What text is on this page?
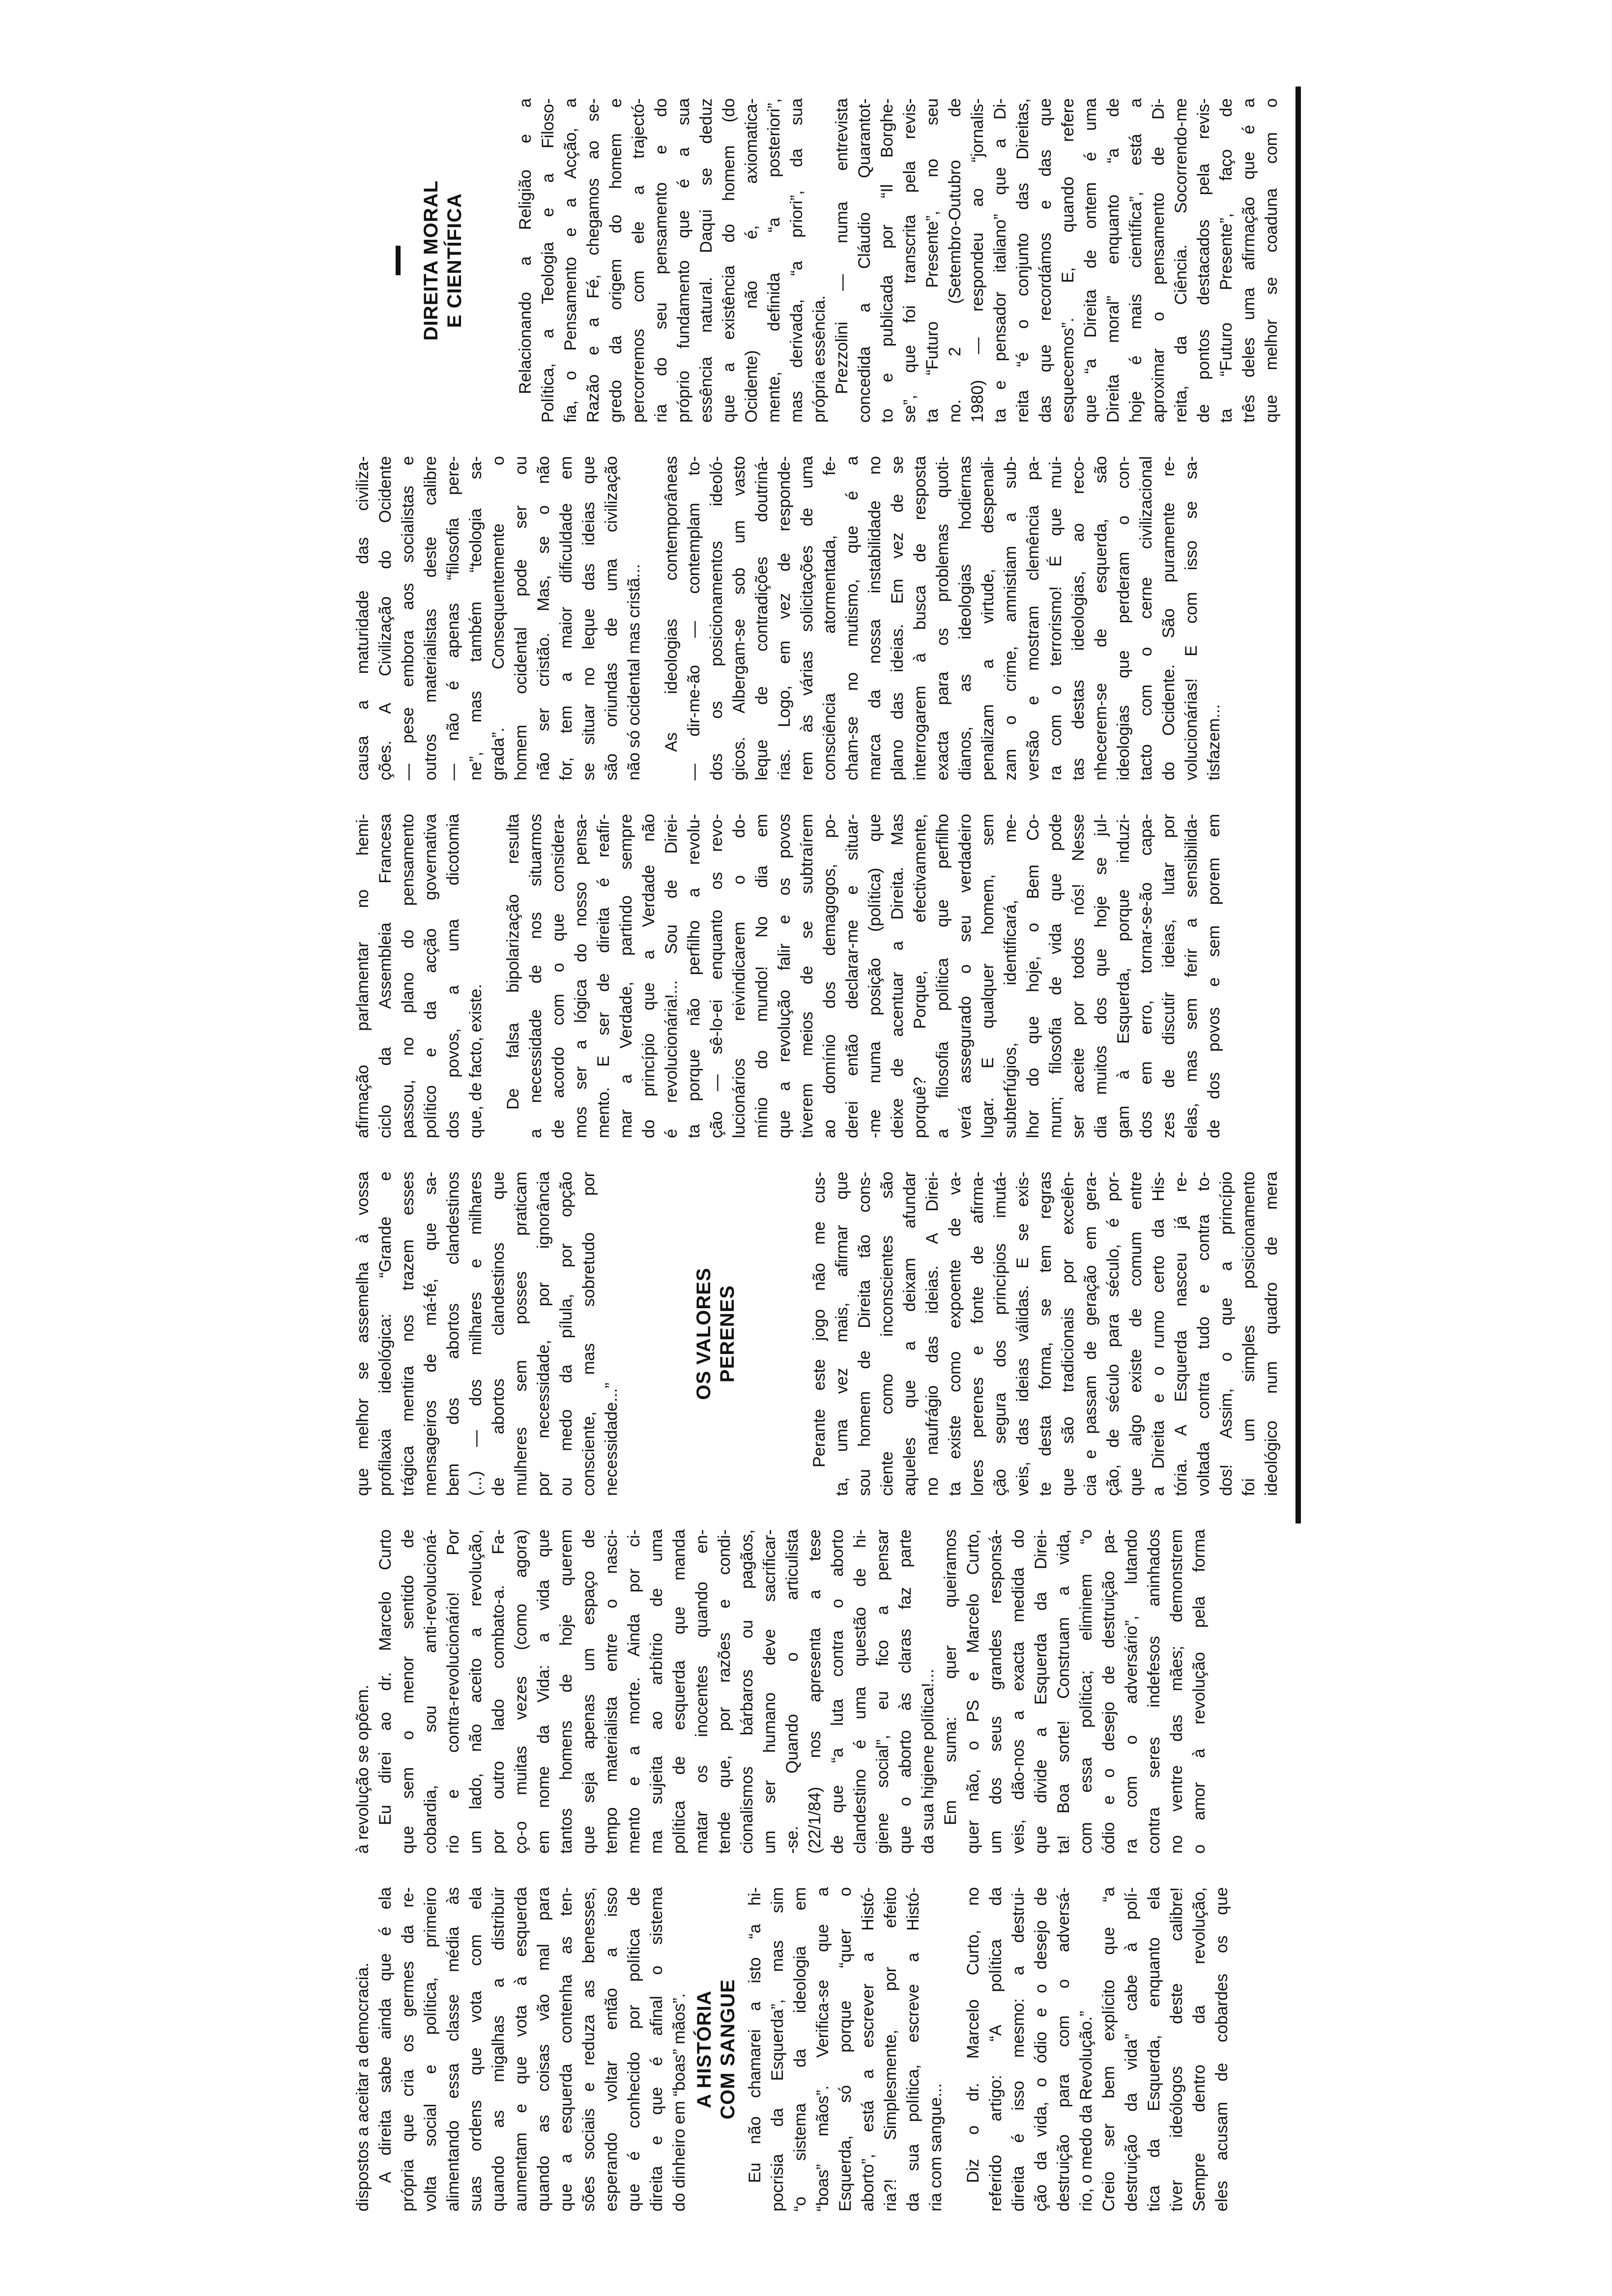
dispostos a aceitar a democracia. A direita sabe ainda que é ela própria que cria os germes da re- volta social e política, primeiro alimentando essa classe média às suas ordens que vota com ela quando as migalhas a distribuir aumentam e que vota à esquerda quando as coisas vão mal para que a esquerda contenha as ten- sões sociais e reduza as benesses, esperando voltar então a isso que é conhecido por política de direita e que é afinal o sistema do dinheiro em “boas” mãos”. A HISTÓRIA COM SANGUE Eu não chamarei a isto “a hi- pocrisia da Esquerda”, mas sim “o sistema da ideologia em “boas” mãos”. Verifica-se que a Esquerda, só porque “quer o aborto”, está a escrever a Histó- ria?! Simplesmente, por efeito da sua política, escreve a Histó- ria com sangue... Diz o dr. Marcelo Curto, no referido artigo: “A política da direita é isso mesmo: a destrui- ção da vida, o ódio e o desejo de destruição para com o adversá- rio, o medo da Revolução.” Creio ser bem explícito que “a destruição da vida” cabe à polí- tica da Esquerda, enquanto ela tiver ideólogos deste calibre! Sempre dentro da revolução, eles acusam de cobardes os que
à revolução se opõem. Eu direi ao dr. Marcelo Curto que sem o menor sentido de cobardia, sou anti-revolucioná- rio e contra-revolucionário! Por um lado, não aceito a revolução, por outro lado combato-a. Fa- ço-o muitas vezes (como agora) em nome da Vida: a vida que tantos homens de hoje querem que seja apenas um espaço de tempo materialista entre o nasci- mento e a morte. Ainda por ci- ma sujeita ao arbítrio de uma política de esquerda que manda matar os inocentes quando en- tende que, por razões e condi- cionalismos bárbaros ou pagãos, um ser humano deve sacrificar- -se. Quando o articulista (22/1/84) nos apresenta a tese de que “a luta contra o aborto clandestino é uma questão de hi- giene social”, eu fico a pensar que o aborto às claras faz parte da sua higiene política!... Em suma: quer queiramos quer não, o PS e Marcelo Curto, um dos seus grandes responsá- veis, dão-nos a exacta medida do que divide a Esquerda da Direi- ta! Boa sorte! Construam a vida, com essa política; eliminem “o ódio e o desejo de destruição pa- ra com o adversário”, lutando contra seres indefesos aninhados no ventre das mães; demonstrem o amor à revolução pela forma
que melhor se assemelha à vossa profilaxia ideológica: “Grande e trágica mentira nos trazem esses mensageiros de má-fé, que sa- bem dos abortos clandestinos (...) — dos milhares e milhares de abortos clandestinos que mulheres sem posses praticam por necessidade, por ignorância ou medo da pílula, por opção consciente, mas sobretudo por necessidade...”
OS VALORES PERENES	Perante este jogo não me cus- ta, uma vez mais, afirmar que sou homem de Direita tão cons- ciente como inconscientes são aqueles que a deixam afundar no naufrágio das ideias. A Direi- ta existe como expoente de va- lores perenes e fonte de afirma- ção segura dos princípios imutá- veis, das ideias válidas. E se exis- te desta forma, se tem regras que são tradicionais por excelên- cia e passam de geração em gera- ção, de século para século, é por- que algo existe de comum entre a Direita e o rumo certo da His- tória. A Esquerda nasceu já re- voltada contra tudo e contra to- dos! Assim, o que a princípio foi um simples posicionamento ideológico num quadro de mera
afirmação parlamentar no hemi- ciclo da Assembleia Francesa passou, no plano do pensamento político e da acção governativa dos povos, a uma dicotomia que, de facto, existe. De falsa bipolarização resulta a necessidade de nos situarmos de acordo com o que considera- mos ser a lógica do nosso pensa- mento. E ser de direita é reafir- mar a Verdade, partindo sempre do princípio que a Verdade não é revolucionária!... Sou de Direi- ta porque não perfilho a revolu- ção — sê-lo-ei enquanto os revo- lucionários reivindicarem o do- mínio do mundo! No dia em que a revolução falir e os povos tiverem meios de se subtraírem ao domínio dos demagogos, po- derei então declarar-me e situar- -me numa posição (política) que deixe de acentuar a Direita. Mas porquê? Porque, efectivamente, a filosofia política que perfilho verá assegurado o seu verdadeiro lugar. E qualquer homem, sem subterfúgios, identificará, me- lhor do que hoje, o Bem Co- mum; filosofia de vida que pode ser aceite por todos nós! Nesse dia muitos dos que hoje se jul- gam à Esquerda, porque induzi- dos em erro, tornar-se-ão capa- zes de discutir ideias, lutar por elas, mas sem ferir a sensibilida- de dos povos e sem porem em
causa a maturidade das civiliza- ções. A Civilização do Ocidente — pese embora aos socialistas e outros materialistas deste calibre — não é apenas “filosofia pere- ne”, mas também “teologia sa- grada”. Consequentemente o homem ocidental pode ser ou não ser cristão. Mas, se o não for, tem a maior dificuldade em se situar no leque das ideias que são oriundas de uma civilização não só ocidental mas cristã... As ideologias contemporâneas — dir-me-ão — contemplam to- dos os posicionamentos ideoló- gicos. Albergam-se sob um vasto leque de contradições doutriná- rias. Logo, em vez de responde- rem às várias solicitações de uma consciência atormentada, fe- cham-se no mutismo, que é a marca da nossa instabilidade no plano das ideias. Em vez de se interrogarem à busca de resposta exacta para os problemas quoti- dianos, as ideologias hodiernas penalizam a virtude, despenali- zam o crime, amnistiam a sub- versão e mostram clemência pa- ra com o terrorismo! É que mui- tas destas ideologias, ao reco- nhecerem-se de esquerda, são ideologias que perderam o con- tacto com o cerne civilizacional do Ocidente. São puramente re- volucionárias! E com isso se sa- tisfazem...
DIREITA MORAL E CIENTÍFICA	Relacionando a Religião e a Política, a Teologia e a Filoso- fia, o Pensamento e a Acção, a Razão e a Fé, chegamos ao se- gredo da origem do homem e percorremos com ele a trajectó- ria do seu pensamento e do próprio fundamento que é a sua essência natural. Daqui se deduz que a existência do homem (do Ocidente) não é, axiomatica- mente, definida “a posteriori”, mas derivada, “a priori”, da sua própria essência. Prezzolini — numa entrevista concedida a Cláudio Quarantot- to e publicada por “Il Borghe- se”, que foi transcrita pela revis- ta “Futuro Presente”, no seu no. 2 (Setembro-Outubro de 1980) — respondeu ao “jornalis- ta e pensador italiano” que a Di- reita “é o conjunto das Direitas, das que recordámos e das que esquecemos”. E, quando refere que “a Direita de ontem é uma Direita moral” enquanto “a de hoje é mais científica”, está a aproximar o pensamento de Di- reita, da Ciência. Socorrendo-me de pontos destacados pela revis- ta “Futuro Presente”, faço de três deles uma afirmação que é a que melhor se coaduna com o
